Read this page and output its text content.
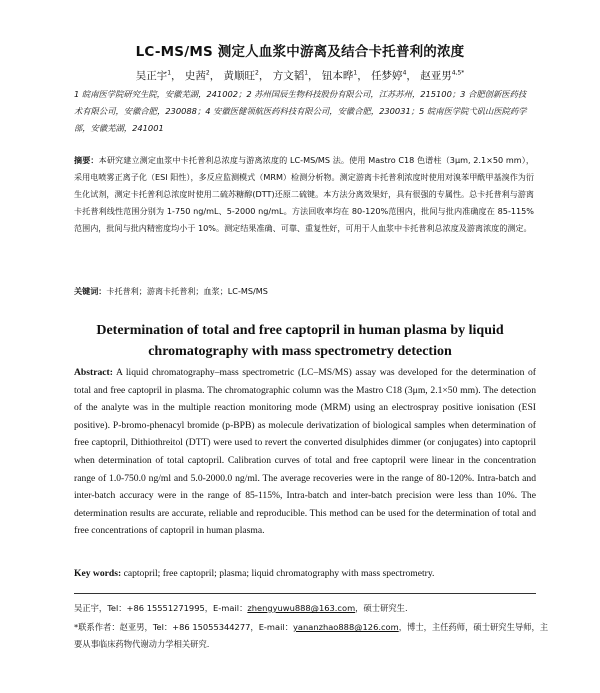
LC-MS/MS 测定人血浆中游离及结合卡托普利的浓度
吴正宇$^1$， 史茜$^2$， 黄顺旺$^2$， 方文韬$^1$， 钮本晔$^1$， 任梦婷$^4$， 赵亚男$^{4,5*}$
1 皖南医学院研究生院，安徽芜湖，241002；2 苏州国辰生物科技股份有限公司，江苏苏州，215100；3 合肥创新医药技术有限公司，安徽合肥，230088；4 安徽医健领航医药科技有限公司，安徽合肥，230031；5 皖南医学院弋矶山医院药学部，安徽芜湖，241001
摘要：本研究建立测定血浆中卡托普利总浓度与游离浓度的 LC-MS/MS 法。使用 Mastro C18 色谱柱（3μm, 2.1×50 mm），采用电喷雾正离子化（ESI 阳性），多反应监测模式（MRM）检测分析物。测定游离卡托普利浓度时使用对溴苯甲酰甲基溴作为衍生化试剂，测定卡托普利总浓度时使用二硫苏糖醇(DTT)还原二硫键。本方法分离效果好，具有很强的专属性。总卡托普利与游离卡托普利线性范围分别为 1-750 ng/mL、5-2000 ng/mL。方法回收率均在 80-120%范围内，批间与批内准确度在 85-115%范围内，批间与批内精密度均小于 10%。测定结果准确、可靠、重复性好，可用于人血浆中卡托普利总浓度及游离浓度的测定。
关键词：卡托普利；游离卡托普利；血浆；LC-MS/MS
Determination of total and free captopril in human plasma by liquid chromatography with mass spectrometry detection
Abstract: A liquid chromatography–mass spectrometric (LC–MS/MS) assay was developed for the determination of total and free captopril in plasma. The chromatographic column was the Mastro C18 (3μm, 2.1×50 mm). The detection of the analyte was in the multiple reaction monitoring mode (MRM) using an electrospray positive ionisation (ESI positive). P-bromo-phenacyl bromide (p-BPB) as molecule derivatization of biological samples when determination of free captopril, Dithiothreitol (DTT) were used to revert the converted disulphides dimmer (or conjugates) into captopril when determination of total captopril. Calibration curves of total and free captopril were linear in the concentration range of 1.0-750.0 ng/ml and 5.0-2000.0 ng/ml. The average recoveries were in the range of 80-120%. Intra-batch and inter-batch accuracy were in the range of 85-115%, Intra-batch and inter-batch precision were less than 10%. The determination results are accurate, reliable and reproducible. This method can be used for the determination of total and free concentrations of captopril in human plasma.
Key words: captopril; free captopril; plasma; liquid chromatography with mass spectrometry.
吴正宇，Tel：+86 15551271995，E-mail：zhengyuwu888@163.com，硕士研究生.
*联系作者：赵亚男，Tel：+86 15055344277，E-mail：yananzhao888@126.com，博士，主任药师，硕士研究生导师，主要从事临床药物代谢动力学相关研究.
